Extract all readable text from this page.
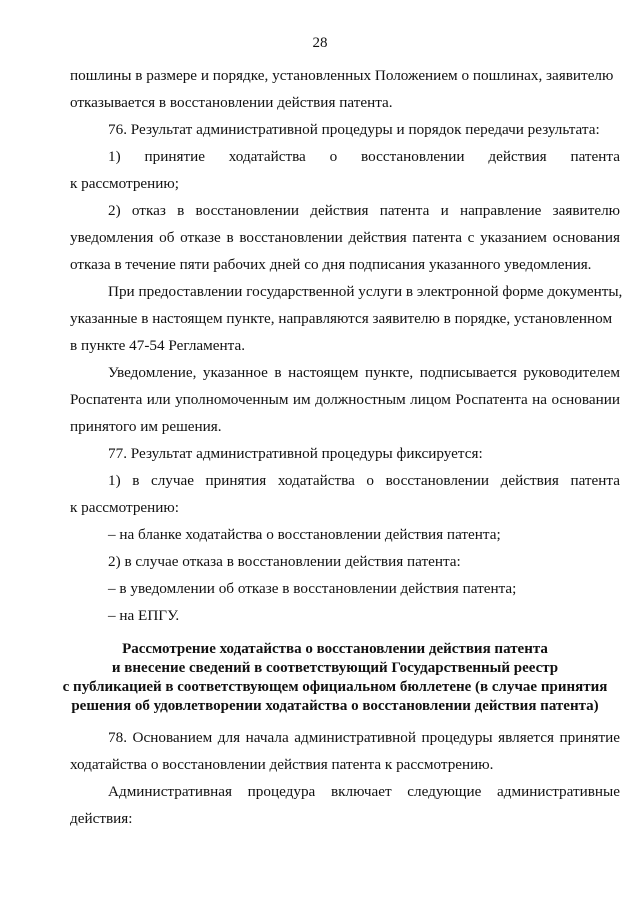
28
пошлины в размере и порядке, установленных Положением о пошлинах, заявителю
отказывается в восстановлении действия патента.
76. Результат административной процедуры и порядок передачи результата:
1) принятие ходатайства о восстановлении действия патента
к рассмотрению;
2) отказ в восстановлении действия патента и направление заявителю
уведомления об отказе в восстановлении действия патента с указанием основания
отказа в течение пяти рабочих дней со дня подписания указанного уведомления.
При предоставлении государственной услуги в электронной форме документы,
указанные в настоящем пункте, направляются заявителю в порядке, установленном
в пункте 47-54 Регламента.
Уведомление, указанное в настоящем пункте, подписывается руководителем
Роспатента или уполномоченным им должностным лицом Роспатента на основании
принятого им решения.
77. Результат административной процедуры фиксируется:
1) в случае принятия ходатайства о восстановлении действия патента
к рассмотрению:
– на бланке ходатайства о восстановлении действия патента;
2) в случае отказа в восстановлении действия патента:
– в уведомлении об отказе в восстановлении действия патента;
– на ЕПГУ.
Рассмотрение ходатайства о восстановлении действия патента
и внесение сведений в соответствующий Государственный реестр
с публикацией в соответствующем официальном бюллетене (в случае принятия
решения об удовлетворении ходатайства о восстановлении действия патента)
78. Основанием для начала административной процедуры является принятие
ходатайства о восстановлении действия патента к рассмотрению.
Административная процедура включает следующие административные
действия:
